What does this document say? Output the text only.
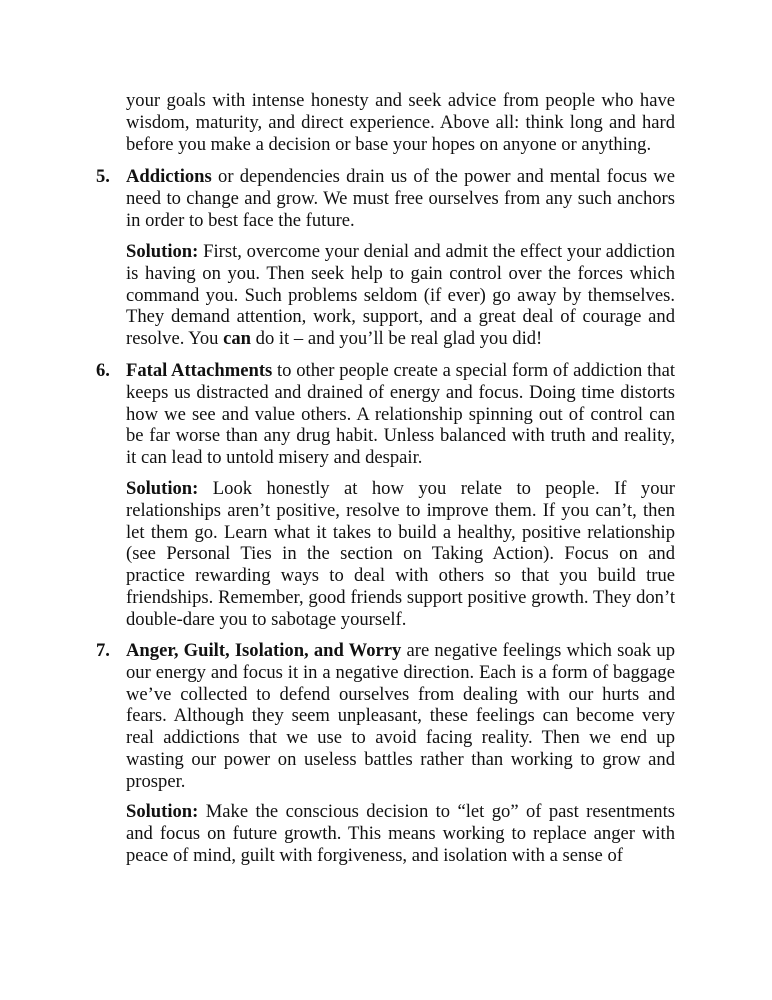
your goals with intense honesty and seek advice from people who have wisdom, maturity, and direct experience. Above all: think long and hard before you make a decision or base your hopes on anyone or anything.

5. Addictions or dependencies drain us of the power and mental focus we need to change and grow. We must free ourselves from any such anchors in order to best face the future.

Solution: First, overcome your denial and admit the effect your addiction is having on you. Then seek help to gain control over the forces which command you. Such problems seldom (if ever) go away by themselves. They demand attention, work, support, and a great deal of courage and resolve. You can do it – and you’ll be real glad you did!

6. Fatal Attachments to other people create a special form of addiction that keeps us distracted and drained of energy and focus. Doing time distorts how we see and value others. A relationship spinning out of control can be far worse than any drug habit. Unless balanced with truth and reality, it can lead to untold misery and despair.

Solution: Look honestly at how you relate to people. If your relationships aren’t positive, resolve to improve them. If you can’t, then let them go. Learn what it takes to build a healthy, positive relationship (see Personal Ties in the section on Taking Action). Focus on and practice rewarding ways to deal with others so that you build true friendships. Remember, good friends support positive growth. They don’t double-dare you to sabotage yourself.

7. Anger, Guilt, Isolation, and Worry are negative feelings which soak up our energy and focus it in a negative direction. Each is a form of baggage we’ve collected to defend ourselves from dealing with our hurts and fears. Although they seem unpleasant, these feelings can become very real addictions that we use to avoid facing reality. Then we end up wasting our power on useless battles rather than working to grow and prosper.

Solution: Make the conscious decision to “let go” of past resentments and focus on future growth. This means working to replace anger with peace of mind, guilt with forgiveness, and isolation with a sense of
